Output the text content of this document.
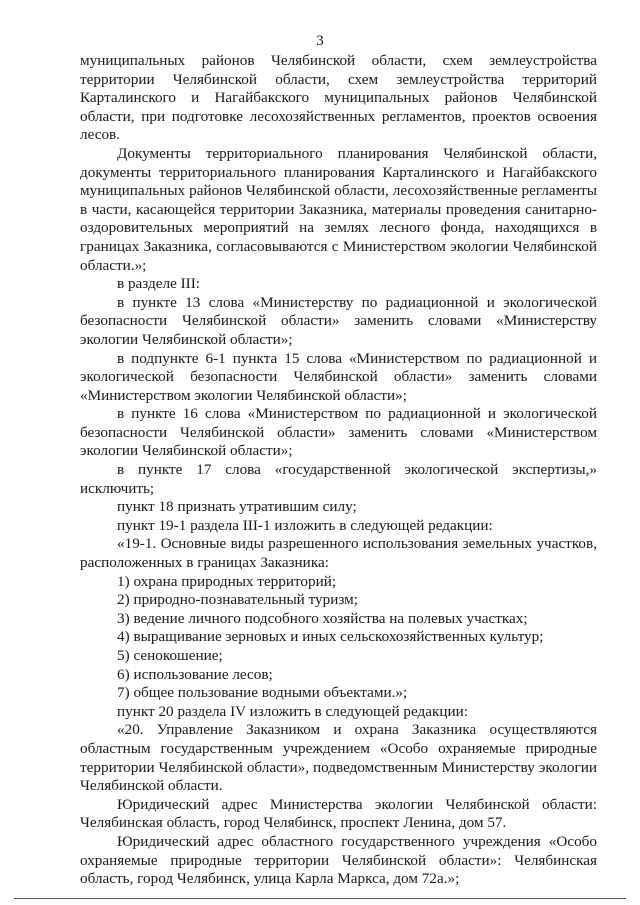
3

муниципальных районов Челябинской области, схем землеустройства территории Челябинской области, схем землеустройства территорий Карталинского и Нагайбакского муниципальных районов Челябинской области, при подготовке лесохозяйственных регламентов, проектов освоения лесов.

Документы территориального планирования Челябинской области, документы территориального планирования Карталинского и Нагайбакского муниципальных районов Челябинской области, лесохозяйственные регламенты в части, касающейся территории Заказника, материалы проведения санитарно-оздоровительных мероприятий на землях лесного фонда, находящихся в границах Заказника, согласовываются с Министерством экологии Челябинской области.»;

в разделе III:

в пункте 13 слова «Министерству по радиационной и экологической безопасности Челябинской области» заменить словами «Министерству экологии Челябинской области»;

в подпункте 6-1 пункта 15 слова «Министерством по радиационной и экологической безопасности Челябинской области» заменить словами «Министерством экологии Челябинской области»;

в пункте 16 слова «Министерством по радиационной и экологической безопасности Челябинской области» заменить словами «Министерством экологии Челябинской области»;

в пункте 17 слова «государственной экологической экспертизы,» исключить;

пункт 18 признать утратившим силу;

пункт 19-1 раздела III-1 изложить в следующей редакции:

«19-1. Основные виды разрешенного использования земельных участков, расположенных в границах Заказника:

1) охрана природных территорий;

2) природно-познавательный туризм;

3) ведение личного подсобного хозяйства на полевых участках;

4) выращивание зерновых и иных сельскохозяйственных культур;

5) сенокошение;

6) использование лесов;

7) общее пользование водными объектами.»;

пункт 20 раздела IV изложить в следующей редакции:

«20. Управление Заказником и охрана Заказника осуществляются областным государственным учреждением «Особо охраняемые природные территории Челябинской области», подведомственным Министерству экологии Челябинской области.

Юридический адрес Министерства экологии Челябинской области: Челябинская область, город Челябинск, проспект Ленина, дом 57.

Юридический адрес областного государственного учреждения «Особо охраняемые природные территории Челябинской области»: Челябинская область, город Челябинск, улица Карла Маркса, дом 72а.»;
